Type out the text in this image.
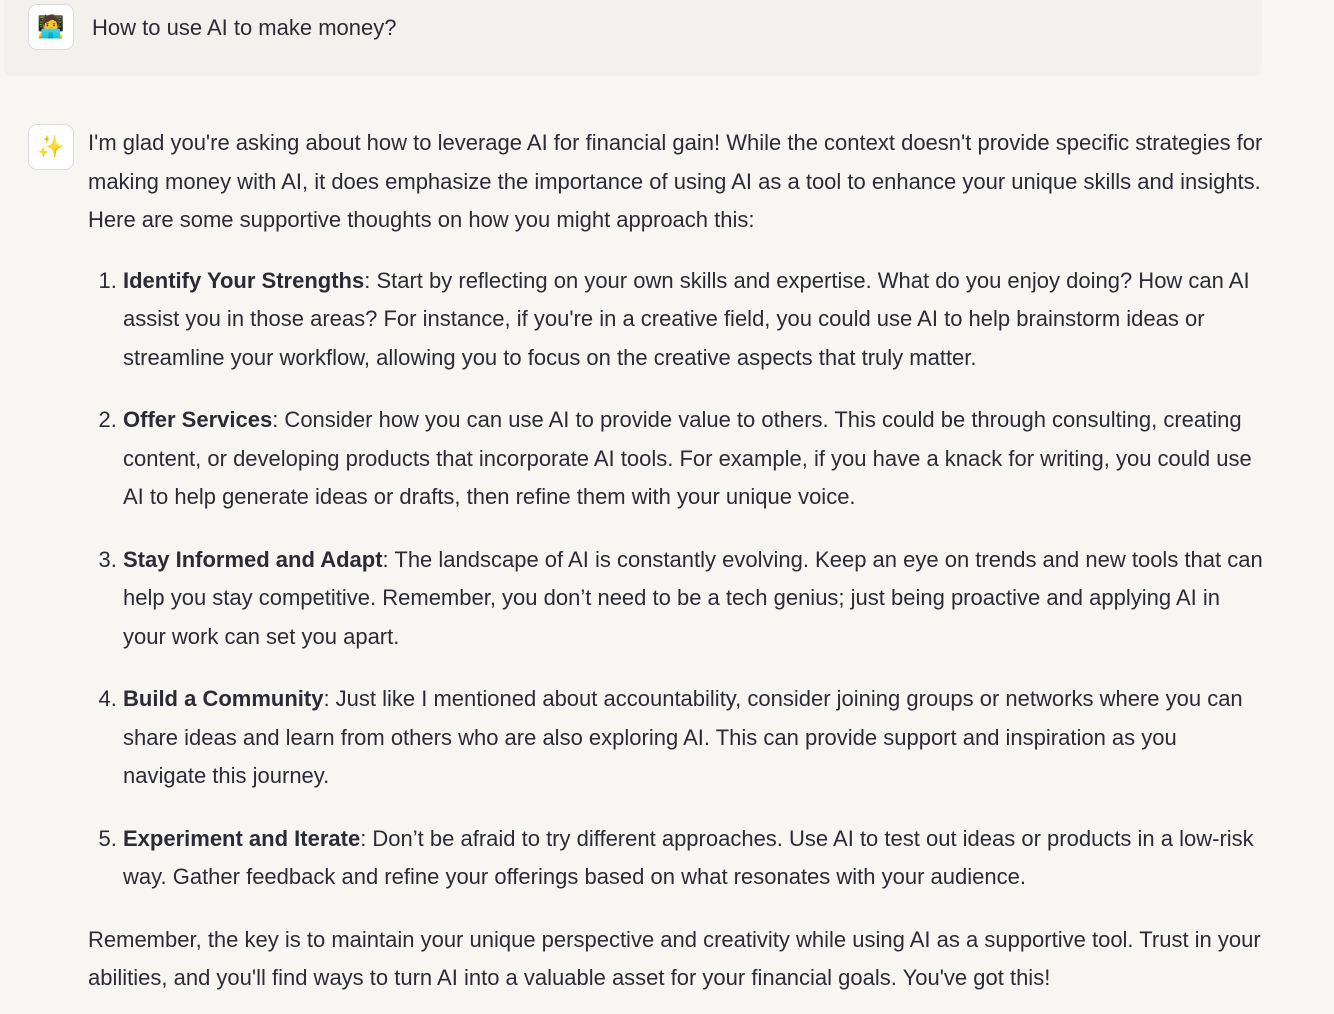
🧑‍💻	How to use AI to make money?
✨	I'm glad you're asking about how to leverage AI for financial gain! While the context doesn't provide specific strategies for making money with AI, it does emphasize the importance of using AI as a tool to enhance your unique skills and insights. Here are some supportive thoughts on how you might approach this:

1. Identify Your Strengths: Start by reflecting on your own skills and expertise. What do you enjoy doing? How can AI assist you in those areas? For instance, if you're in a creative field, you could use AI to help brainstorm ideas or streamline your workflow, allowing you to focus on the creative aspects that truly matter.
2. Offer Services: Consider how you can use AI to provide value to others. This could be through consulting, creating content, or developing products that incorporate AI tools. For example, if you have a knack for writing, you could use AI to help generate ideas or drafts, then refine them with your unique voice.
3. Stay Informed and Adapt: The landscape of AI is constantly evolving. Keep an eye on trends and new tools that can help you stay competitive. Remember, you don’t need to be a tech genius; just being proactive and applying AI in your work can set you apart.
4. Build a Community: Just like I mentioned about accountability, consider joining groups or networks where you can share ideas and learn from others who are also exploring AI. This can provide support and inspiration as you navigate this journey.
5. Experiment and Iterate: Don’t be afraid to try different approaches. Use AI to test out ideas or products in a low-risk way. Gather feedback and refine your offerings based on what resonates with your audience.

Remember, the key is to maintain your unique perspective and creativity while using AI as a supportive tool. Trust in your abilities, and you'll find ways to turn AI into a valuable asset for your financial goals. You've got this!
